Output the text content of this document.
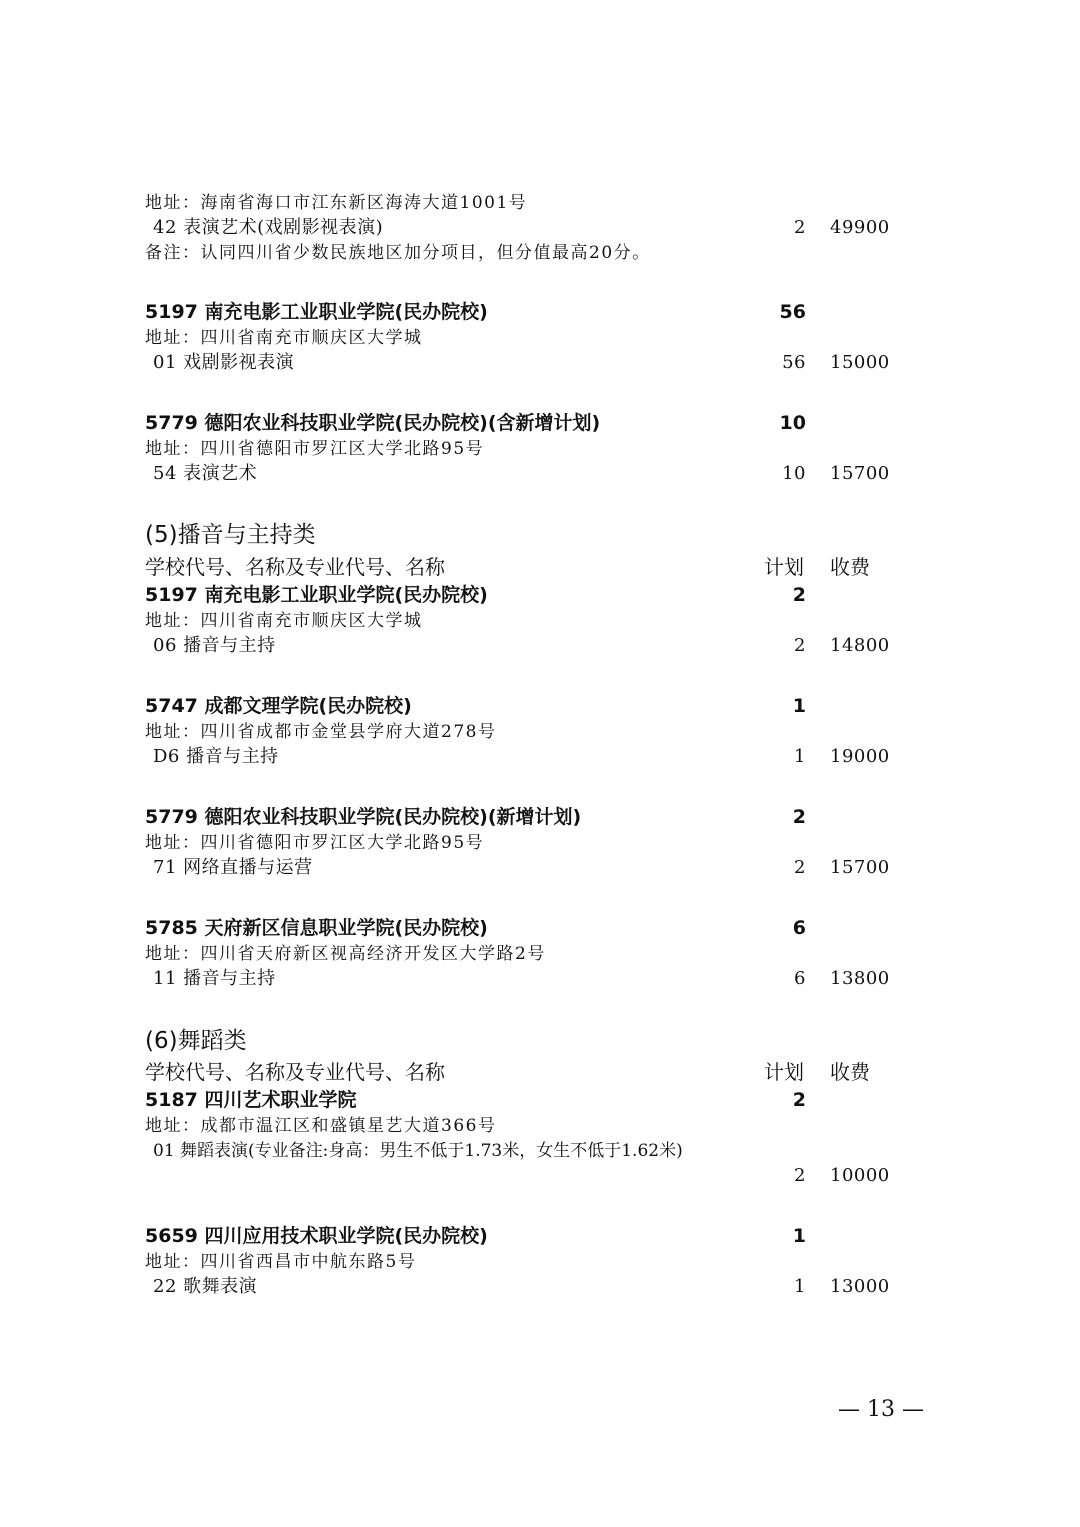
地址：海南省海口市江东新区海涛大道1001号
42 表演艺术(戏剧影视表演)	2 49900
备注：认同四川省少数民族地区加分项目，但分值最高20分。
5197 南充电影工业职业学院(民办院校)	56
地址：四川省南充市顺庆区大学城
01 戏剧影视表演	56 15000
5779 德阳农业科技职业学院(民办院校)(含新增计划)	10
地址：四川省德阳市罗江区大学北路95号
54 表演艺术	10 15700
(5)播音与主持类
学校代号、名称及专业代号、名称	计划 收费
5197 南充电影工业职业学院(民办院校)	2
地址：四川省南充市顺庆区大学城
06 播音与主持	2 14800
5747 成都文理学院(民办院校)	1
地址：四川省成都市金堂县学府大道278号
D6 播音与主持	1 19000
5779 德阳农业科技职业学院(民办院校)(新增计划)	2
地址：四川省德阳市罗江区大学北路95号
71 网络直播与运营	2 15700
5785 天府新区信息职业学院(民办院校)	6
地址：四川省天府新区视高经济开发区大学路2号
11 播音与主持	6 13800
(6)舞蹈类
学校代号、名称及专业代号、名称	计划 收费
5187 四川艺术职业学院	2
地址：成都市温江区和盛镇星艺大道366号
01 舞蹈表演(专业备注:身高：男生不低于1.73米，女生不低于1.62米)
2 10000
5659 四川应用技术职业学院(民办院校)	1
地址：四川省西昌市中航东路5号
22 歌舞表演	1 13000
— 13 —
